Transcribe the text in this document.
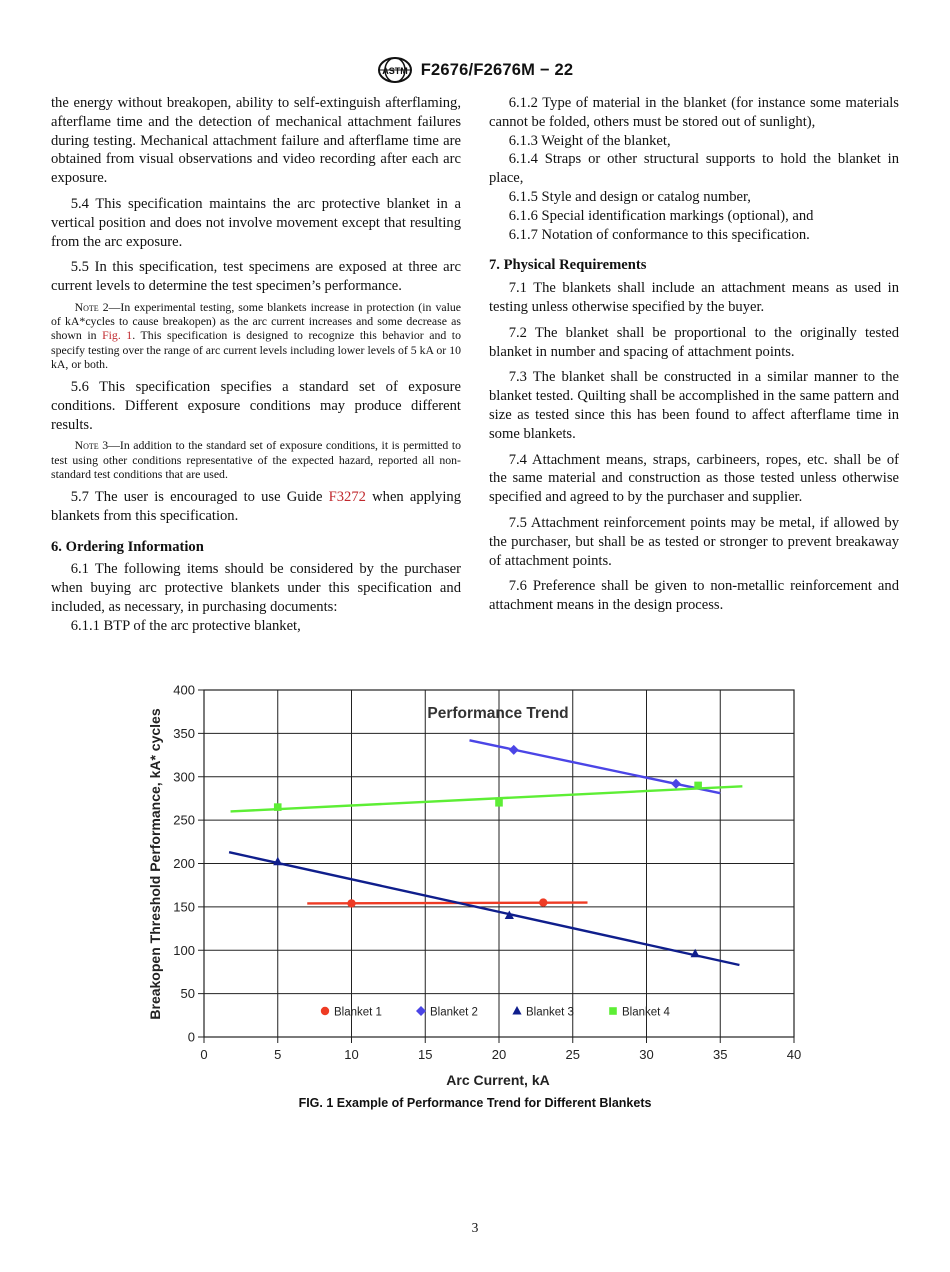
ASTM F2676/F2676M − 22

the energy without breakopen, ability to self-extinguish afterflaming, afterflame time and the detection of mechanical attachment failures during testing. Mechanical attachment failure and afterflame time are obtained from visual observations and video recording after each arc exposure.

5.4 This specification maintains the arc protective blanket in a vertical position and does not involve movement except that resulting from the arc exposure.

5.5 In this specification, test specimens are exposed at three arc current levels to determine the test specimen’s performance.

Note 2—In experimental testing, some blankets increase in protection (in value of kA*cycles to cause breakopen) as the arc current increases and some decrease as shown in Fig. 1. This specification is designed to recognize this behavior and to specify testing over the range of arc current levels including lower levels of 5 kA or 10 kA, or both.

5.6 This specification specifies a standard set of exposure conditions. Different exposure conditions may produce different results.

Note 3—In addition to the standard set of exposure conditions, it is permitted to test using other conditions representative of the expected hazard, reported all non-standard test conditions that are used.

5.7 The user is encouraged to use Guide F3272 when applying blankets from this specification.

6. Ordering Information

6.1 The following items should be considered by the purchaser when buying arc protective blankets under this specification and included, as necessary, in purchasing documents:

6.1.1 BTP of the arc protective blanket,

6.1.2 Type of material in the blanket (for instance some materials cannot be folded, others must be stored out of sunlight),

6.1.3 Weight of the blanket,

6.1.4 Straps or other structural supports to hold the blanket in place,

6.1.5 Style and design or catalog number,

6.1.6 Special identification markings (optional), and

6.1.7 Notation of conformance to this specification.

7. Physical Requirements

7.1 The blankets shall include an attachment means as used in testing unless otherwise specified by the buyer.

7.2 The blanket shall be proportional to the originally tested blanket in number and spacing of attachment points.

7.3 The blanket shall be constructed in a similar manner to the blanket tested. Quilting shall be accomplished in the same pattern and size as tested since this has been found to affect afterflame time in some blankets.

7.4 Attachment means, straps, carbineers, ropes, etc. shall be of the same material and construction as those tested unless otherwise specified and agreed to by the purchaser and supplier.

7.5 Attachment reinforcement points may be metal, if allowed by the purchaser, but shall be as tested or stronger to prevent breakaway of attachment points.

7.6 Preference shall be given to non-metallic reinforcement and attachment means in the design process.

0	5	10	15	20	25	30	35	40
0
50
100
150
200
250
300
350
400
Performance Trend
Arc Current, kA
Breakopen Threshold Performance, kA* cycles	Blanket 1	Blanket 2	Blanket 3	Blanket 4
FIG. 1 Example of Performance Trend for Different Blankets
3
